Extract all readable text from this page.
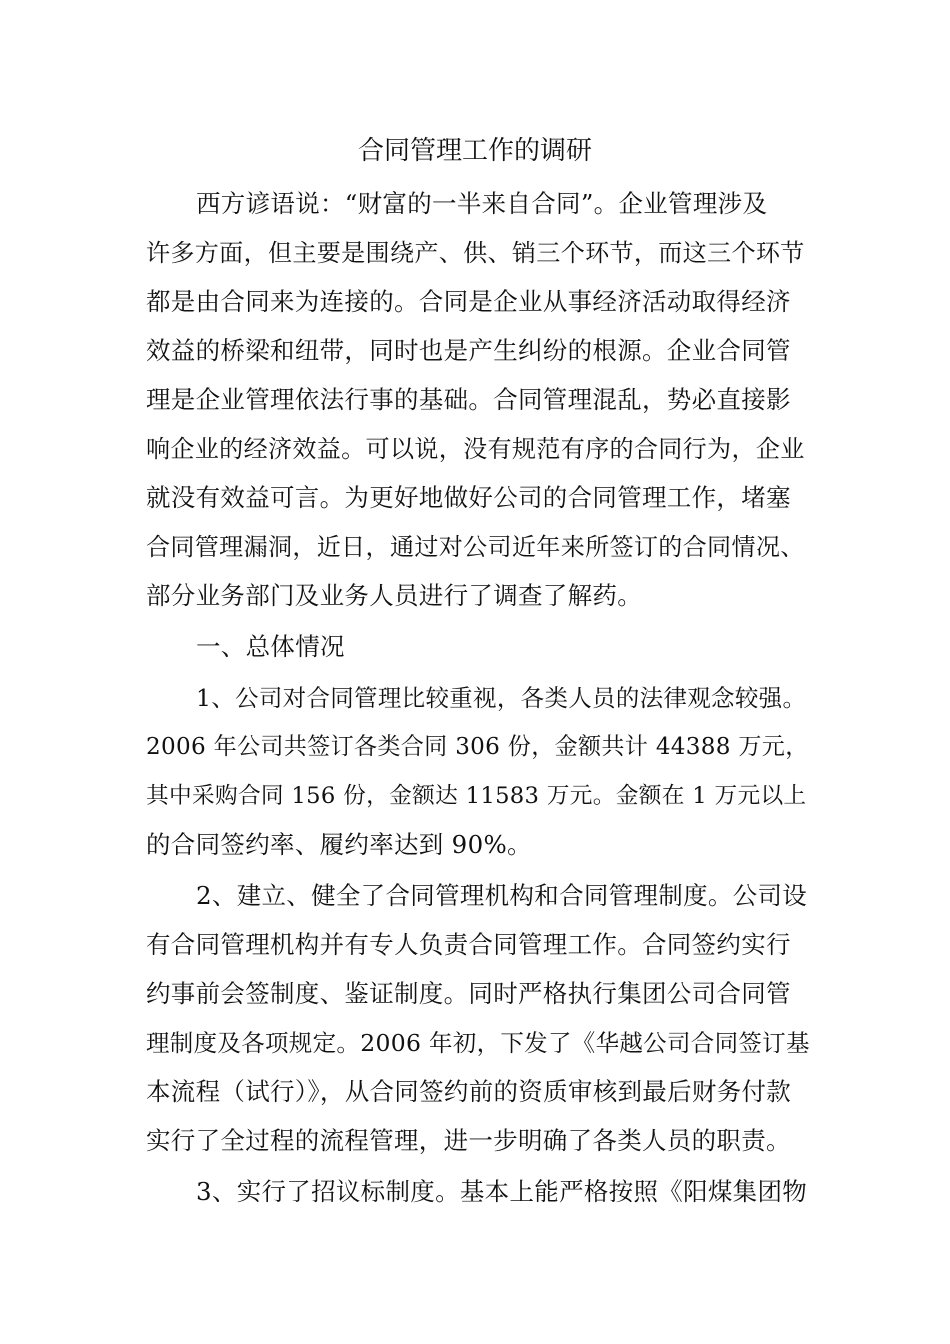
合同管理工作的调研

西方谚语说：“财富的一半来自合同”。企业管理涉及

许多方面，但主要是围绕产、供、销三个环节，而这三个环节

都是由合同来为连接的。合同是企业从事经济活动取得经济

效益的桥梁和纽带，同时也是产生纠纷的根源。企业合同管

理是企业管理依法行事的基础。合同管理混乱，势必直接影

响企业的经济效益。可以说，没有规范有序的合同行为，企业

就没有效益可言。为更好地做好公司的合同管理工作，堵塞

合同管理漏洞，近日，通过对公司近年来所签订的合同情况、

部分业务部门及业务人员进行了调查了解药。

一、总体情况

1、公司对合同管理比较重视，各类人员的法律观念较强。

2006 年公司共签订各类合同 306 份，金额共计 44388 万元，

其中采购合同 156 份，金额达 11583 万元。金额在 1 万元以上

的合同签约率、履约率达到 90%。

2、建立、健全了合同管理机构和合同管理制度。公司设

有合同管理机构并有专人负责合同管理工作。合同签约实行

约事前会签制度、鉴证制度。同时严格执行集团公司合同管

理制度及各项规定。2006 年初，下发了《华越公司合同签订基

本流程（试行）》，从合同签约前的资质审核到最后财务付款

实行了全过程的流程管理，进一步明确了各类人员的职责。

3、实行了招议标制度。基本上能严格按照《阳煤集团物
